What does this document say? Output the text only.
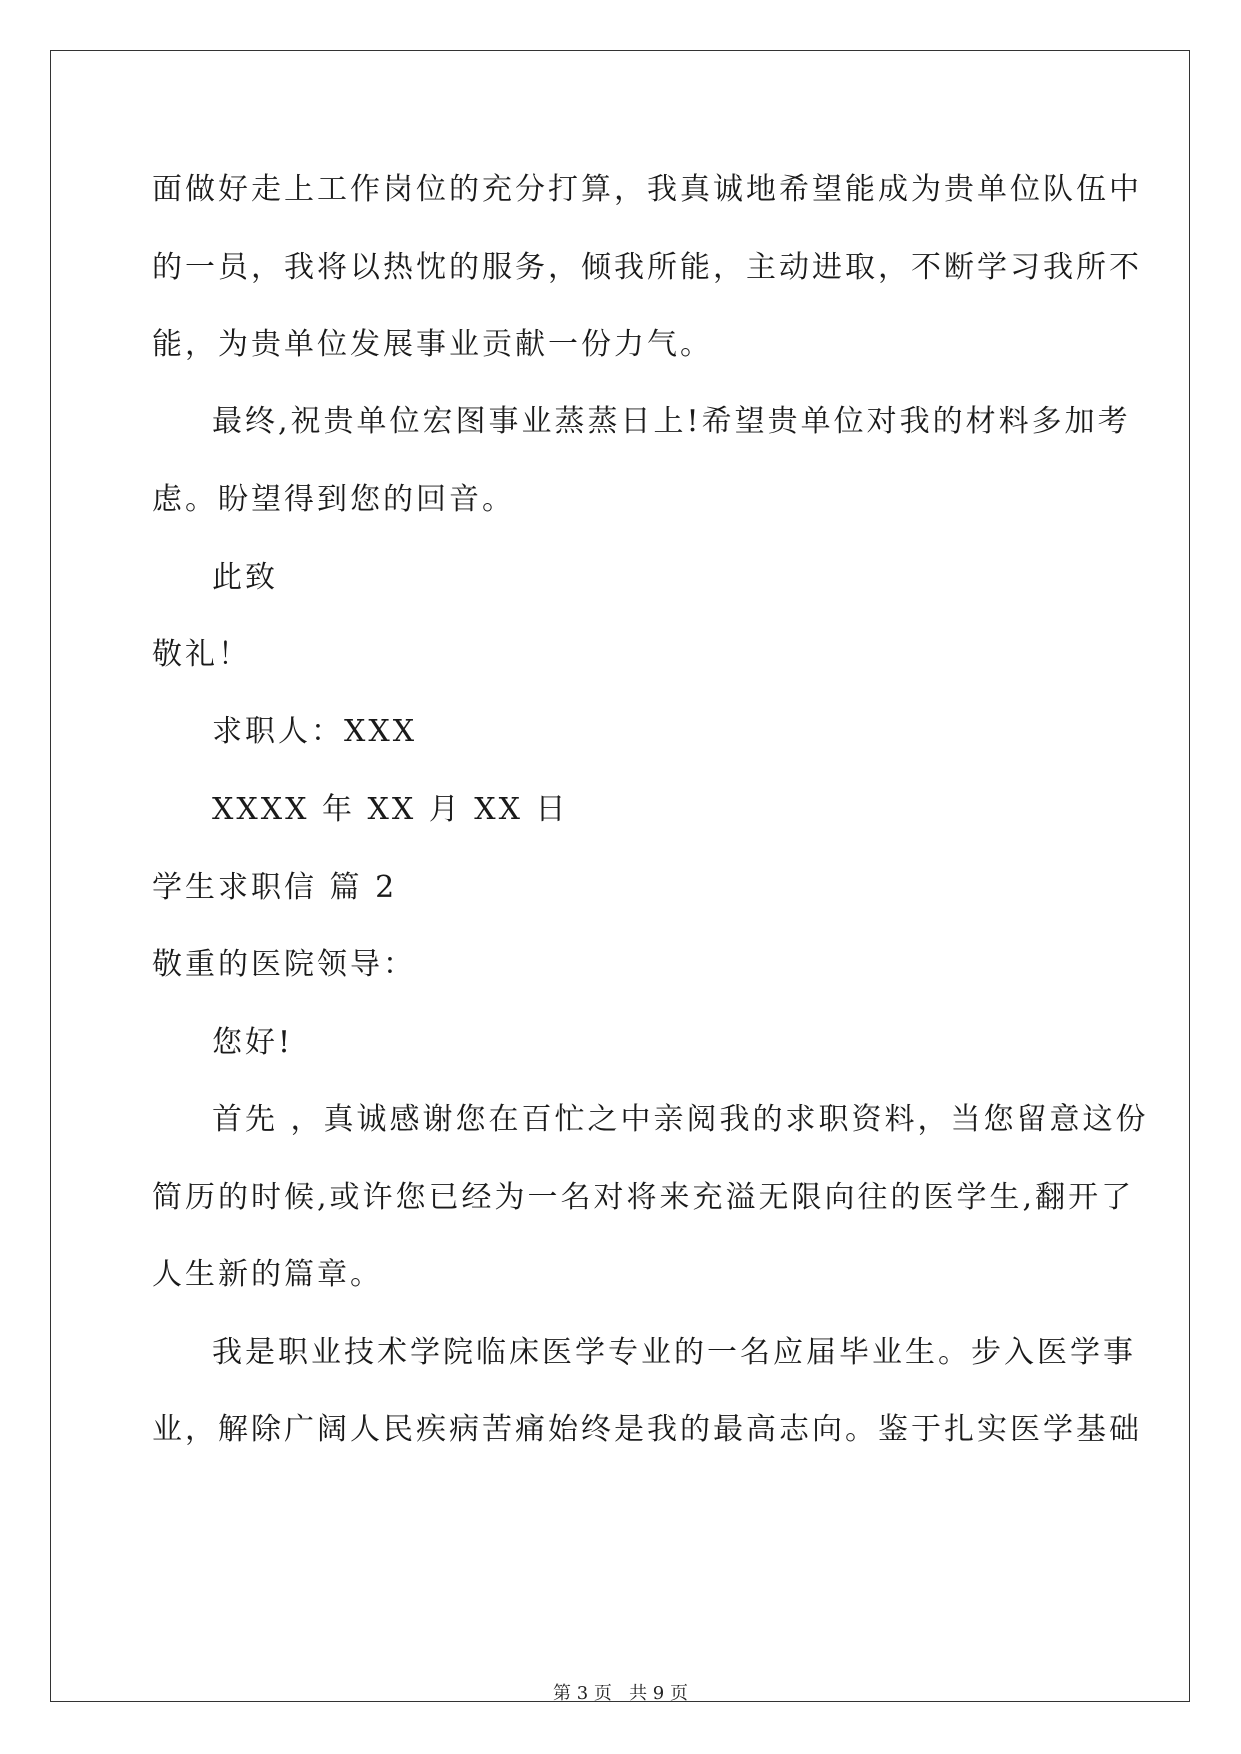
面做好走上工作岗位的充分打算，我真诚地希望能成为贵单位队伍中
的一员，我将以热忱的服务，倾我所能，主动进取，不断学习我所不
能，为贵单位发展事业贡献一份力气。
最终,祝贵单位宏图事业蒸蒸日上!希望贵单位对我的材料多加考
虑。盼望得到您的回音。
此致
敬礼！
求职人：XXX
XXXX 年 XX 月 XX 日
学生求职信 篇 2
敬重的医院领导：
您好!
首先 ，真诚感谢您在百忙之中亲阅我的求职资料，当您留意这份
简历的时候,或许您已经为一名对将来充溢无限向往的医学生,翻开了
人生新的篇章。
我是职业技术学院临床医学专业的一名应届毕业生。步入医学事
业，解除广阔人民疾病苦痛始终是我的最高志向。鉴于扎实医学基础
第 3 页   共 9 页
